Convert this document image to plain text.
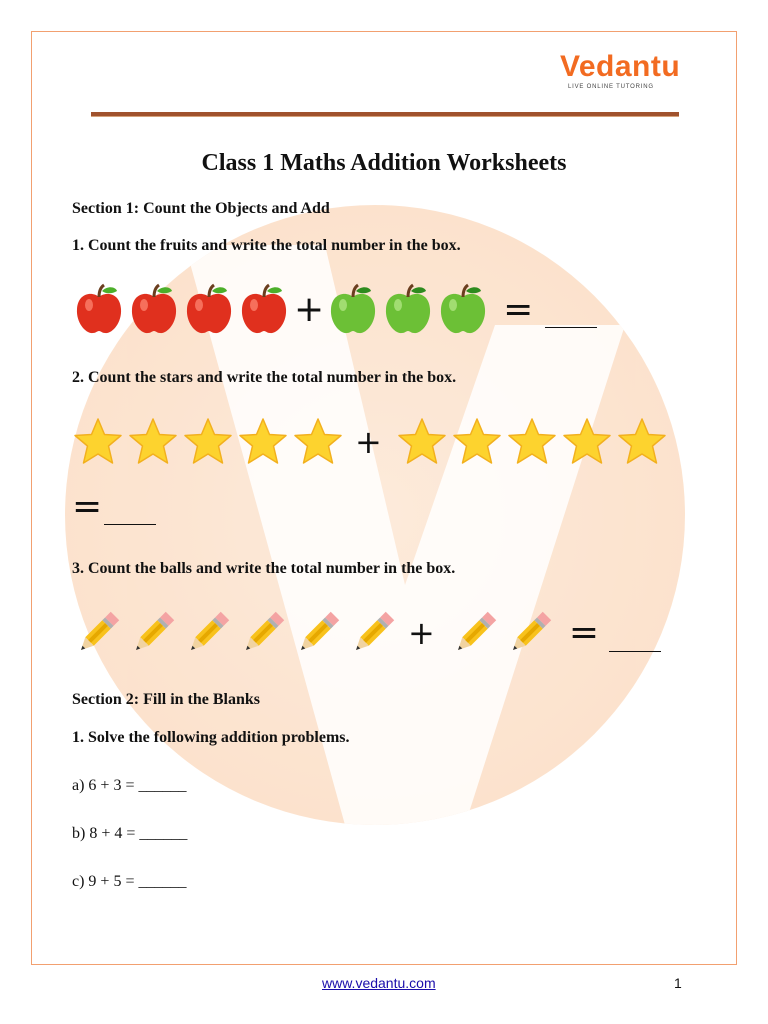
Vedantu
LIVE ONLINE TUTORING
Class 1 Maths Addition Worksheets
Section 1: Count the Objects and Add
1. Count the fruits and write the total number in the box.
+	=
2. Count the stars and write the total number in the box.
+
=
3. Count the balls and write the total number in the box.
+	=
Section 2: Fill in the Blanks
1. Solve the following addition problems.
a) 6 + 3 = ______
b) 8 + 4 = ______
c) 9 + 5 = ______
www.vedantu.com	1
